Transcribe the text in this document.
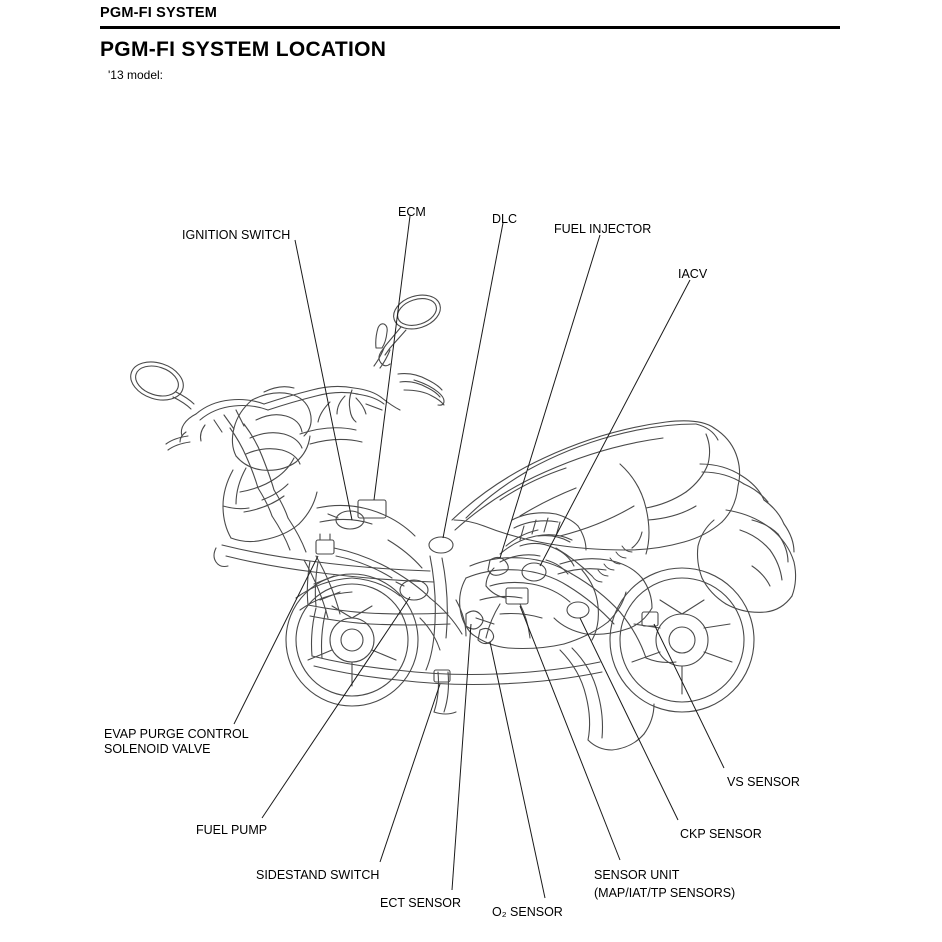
PGM-FI SYSTEM
PGM-FI SYSTEM LOCATION
'13 model:
IGNITION SWITCH
ECM	DLC
FUEL INJECTOR
IACV
EVAP PURGE CONTROL SOLENOID VALVE
FUEL PUMP
SIDESTAND SWITCH
ECT SENSOR
O₂ SENSOR
SENSOR UNIT
(MAP/IAT/TP SENSORS)
CKP SENSOR
VS SENSOR
